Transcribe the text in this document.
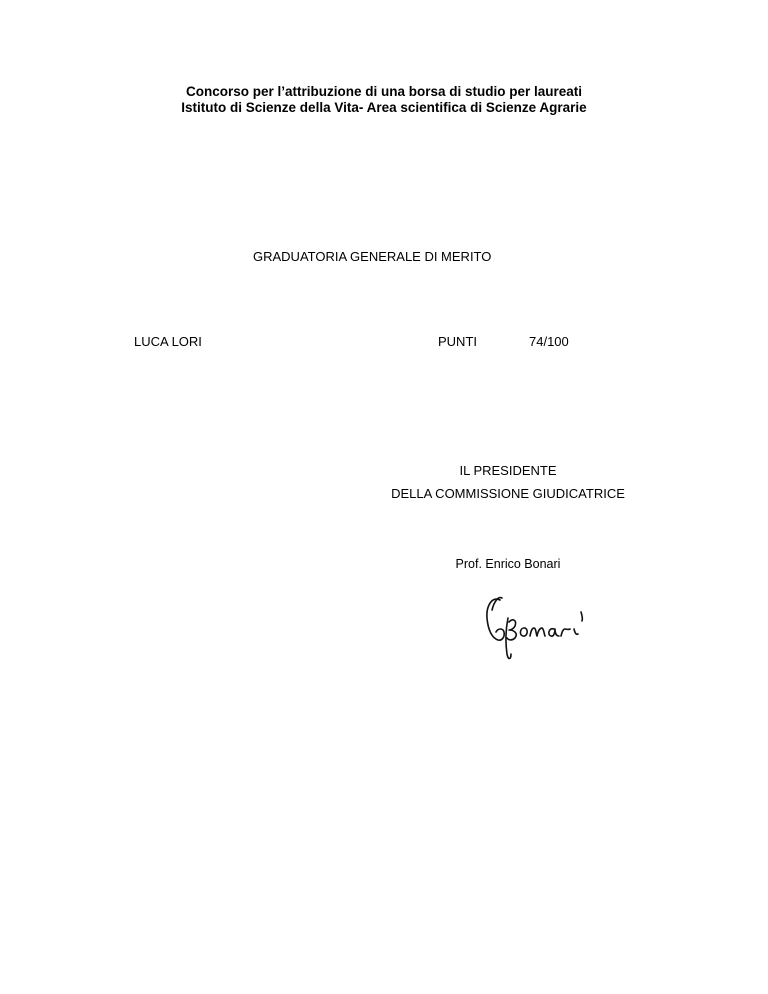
Concorso per l’attribuzione di una borsa di studio per laureati
Istituto di Scienze della Vita- Area scientifica di Scienze Agrarie
GRADUATORIA GENERALE DI MERITO
LUCA LORI	PUNTI	74/100
IL PRESIDENTE
DELLA COMMISSIONE GIUDICATRICE
Prof. Enrico Bonari
